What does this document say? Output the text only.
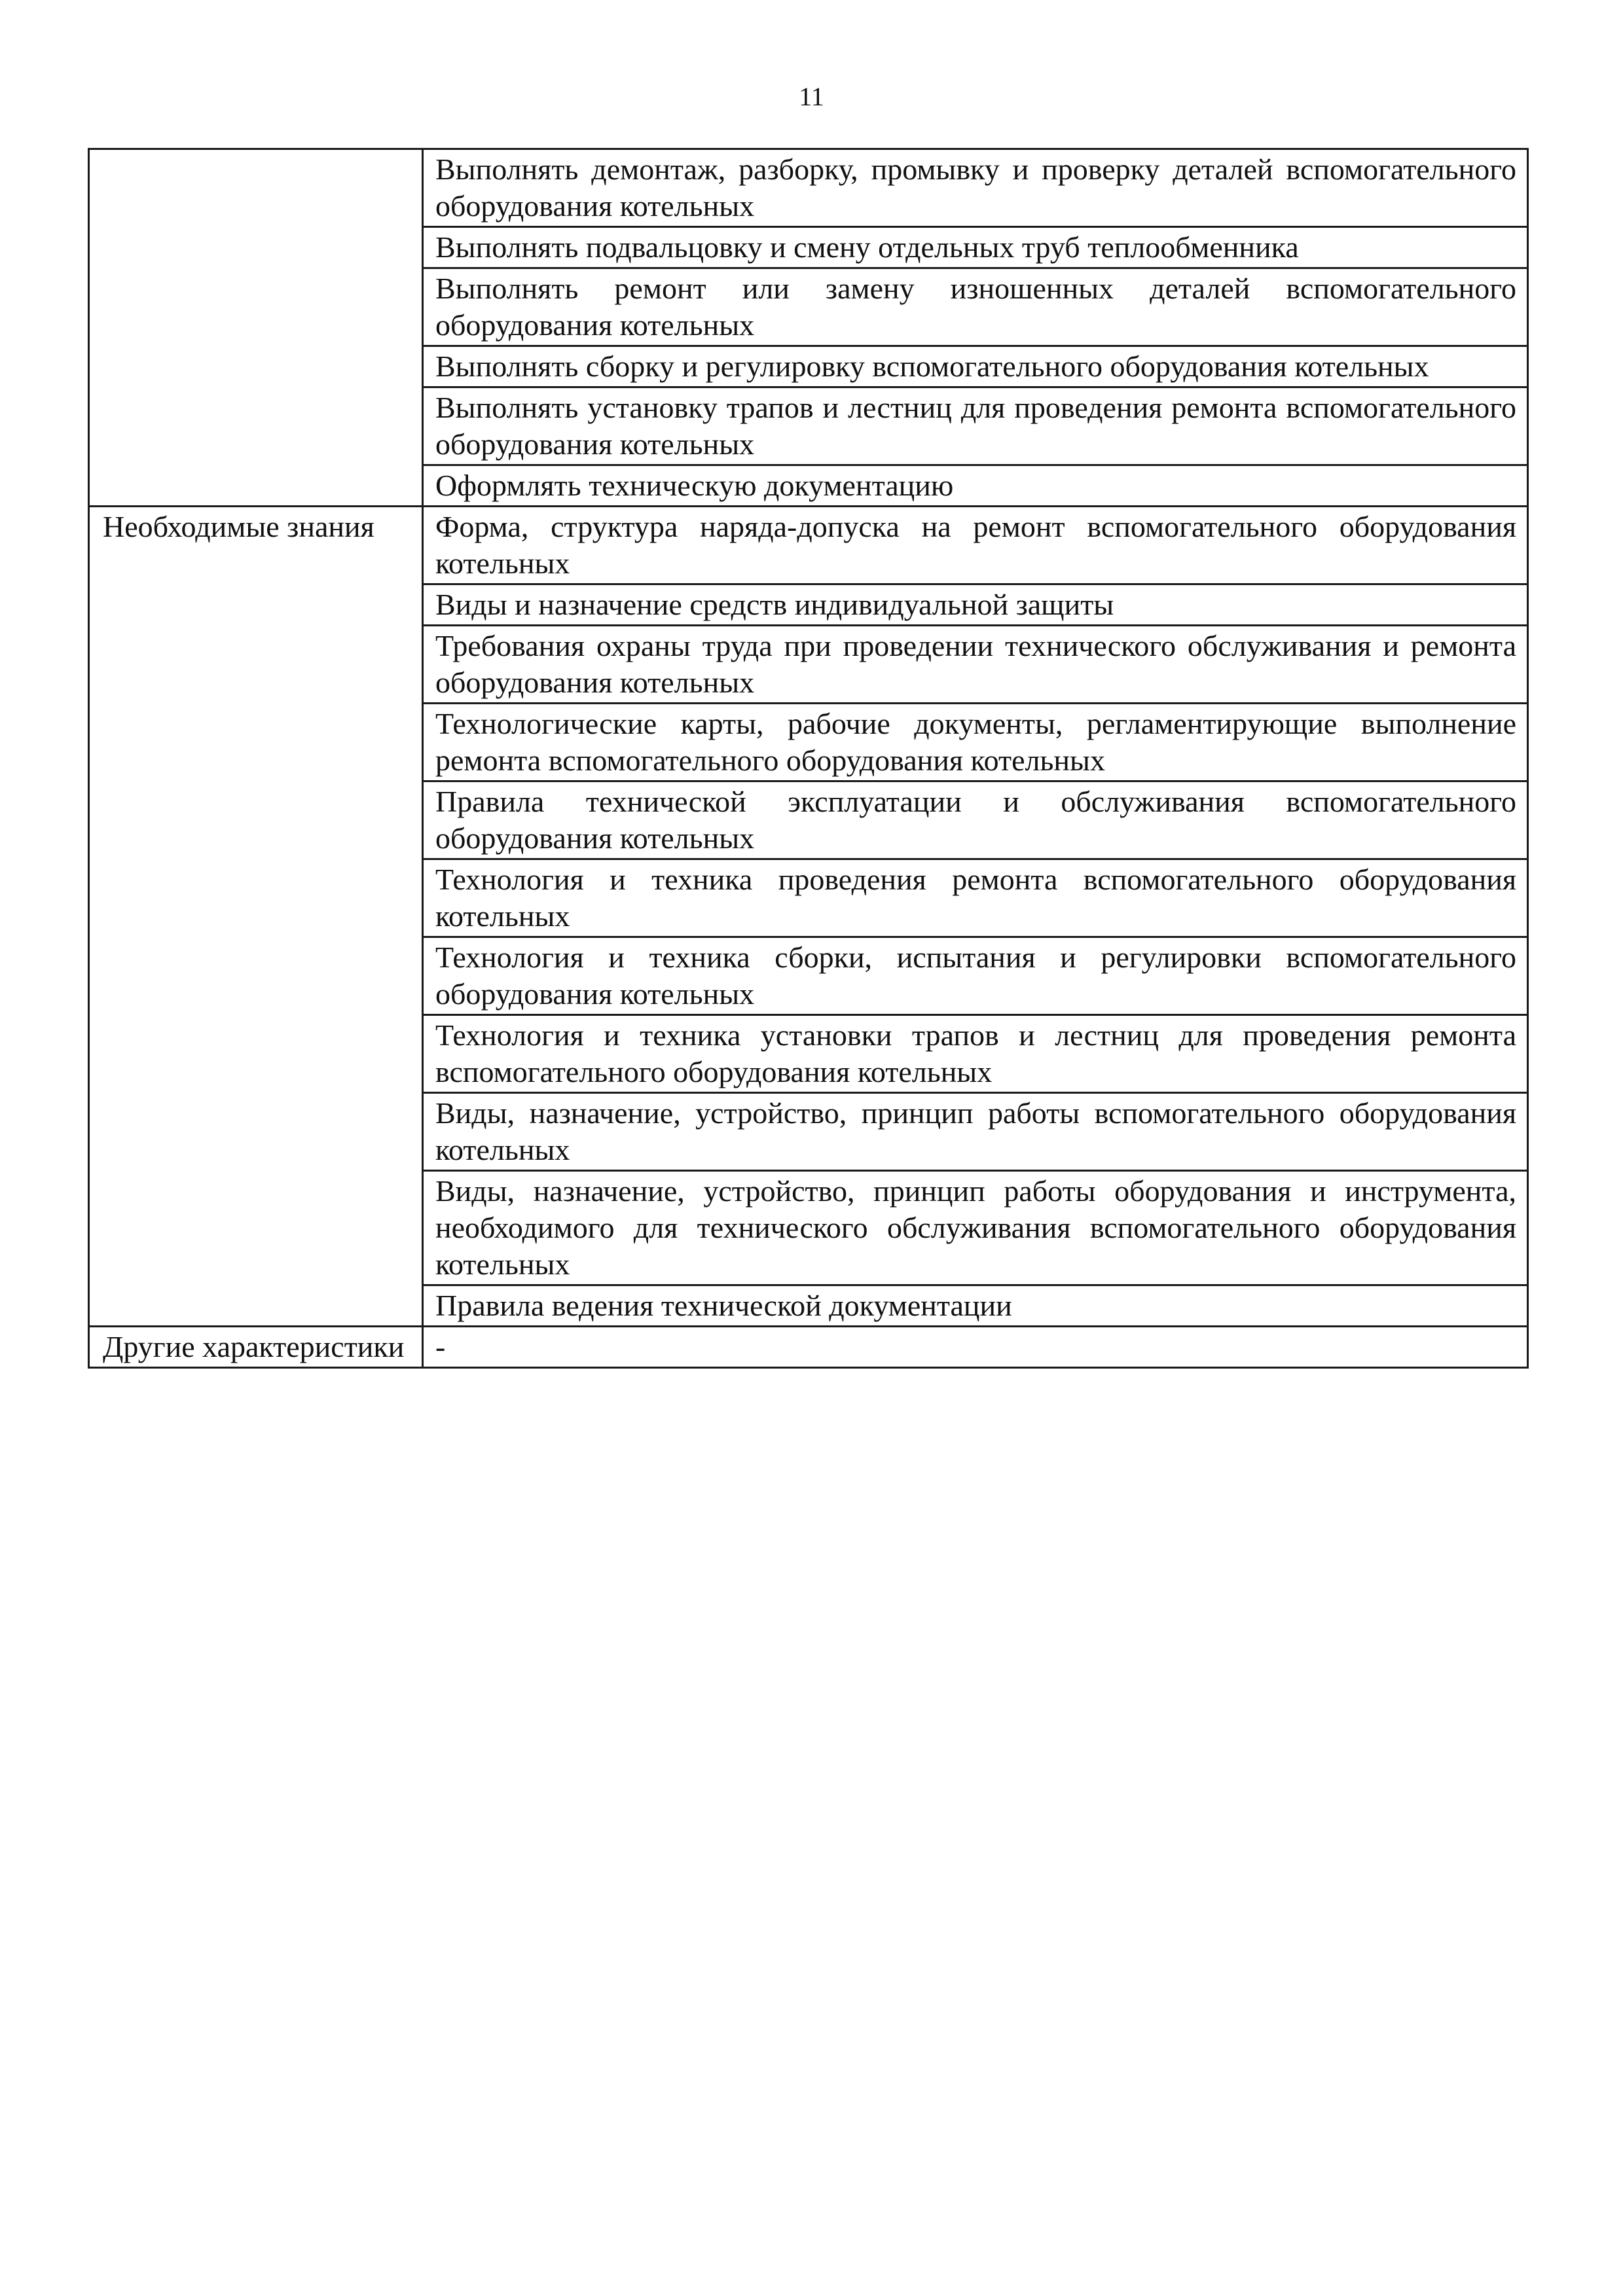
11
	Выполнять демонтаж, разборку, промывку и проверку деталей вспомогательного оборудования котельных
	Выполнять подвальцовку и смену отдельных труб теплообменника
	Выполнять ремонт или замену изношенных деталей вспомогательного оборудования котельных
	Выполнять сборку и регулировку вспомогательного оборудования котельных
	Выполнять установку трапов и лестниц для проведения ремонта вспомогательного оборудования котельных
	Оформлять техническую документацию
Необходимые знания	Форма, структура наряда-допуска на ремонт вспомогательного оборудования котельных
	Виды и назначение средств индивидуальной защиты
	Требования охраны труда при проведении технического обслуживания и ремонта оборудования котельных
	Технологические карты, рабочие документы, регламентирующие выполнение ремонта вспомогательного оборудования котельных
	Правила технической эксплуатации и обслуживания вспомогательного оборудования котельных
	Технология и техника проведения ремонта вспомогательного оборудования котельных
	Технология и техника сборки, испытания и регулировки вспомогательного оборудования котельных
	Технология и техника установки трапов и лестниц для проведения ремонта вспомогательного оборудования котельных
	Виды, назначение, устройство, принцип работы вспомогательного оборудования котельных
	Виды, назначение, устройство, принцип работы оборудования и инструмента, необходимого для технического обслуживания вспомогательного оборудования котельных
	Правила ведения технической документации
Другие характеристики	-
